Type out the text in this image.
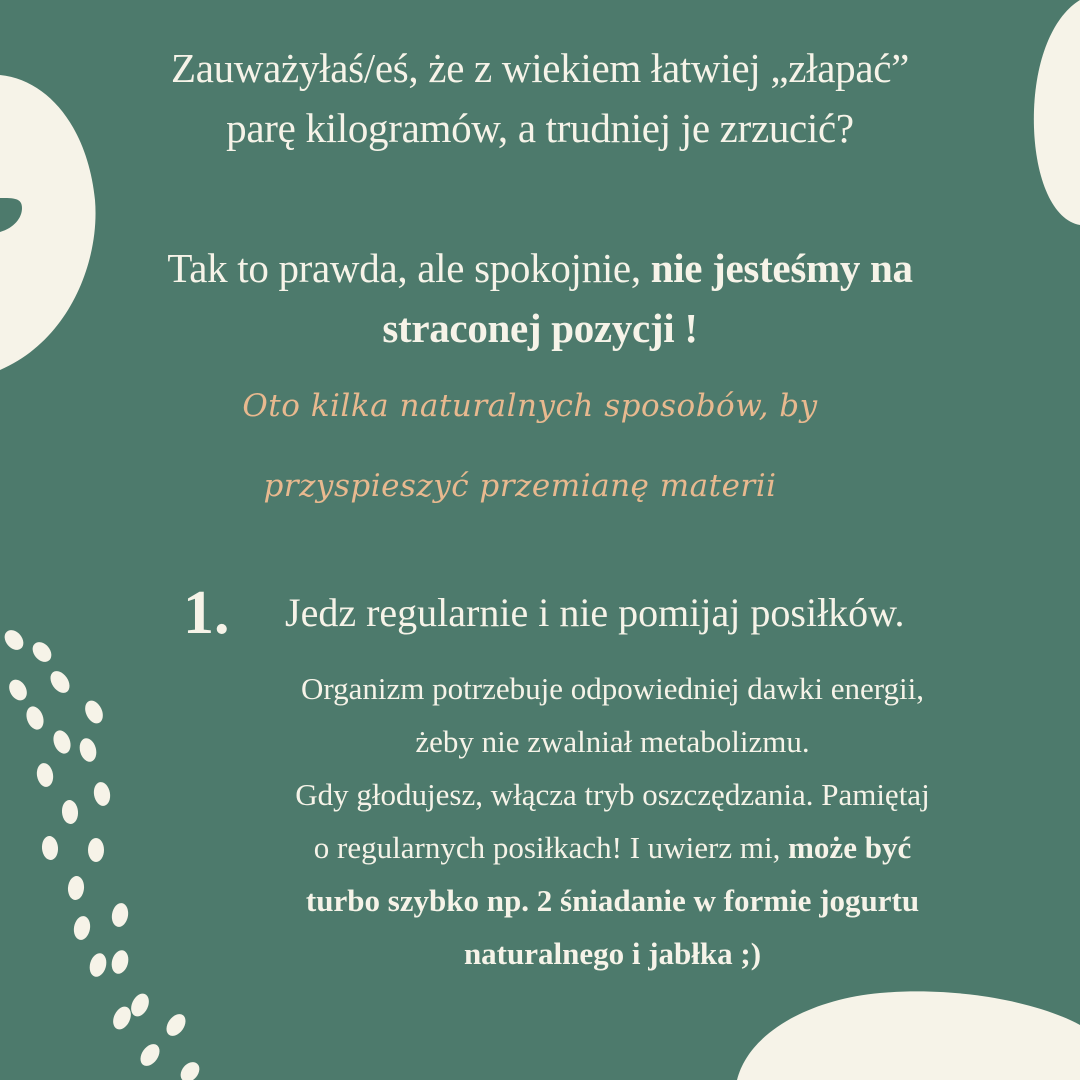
Zauważyłaś/eś, że z wiekiem łatwiej „złapać”
parę kilogramów, a trudniej je zrzucić?
Tak to prawda, ale spokojnie, nie jesteśmy na
straconej pozycji !
Oto kilka naturalnych sposobów, by
przyspieszyć przemianę materii
1. Jedz regularnie i nie pomijaj posiłków.
Organizm potrzebuje odpowiedniej dawki energii,
żeby nie zwalniał metabolizmu.
Gdy głodujesz, włącza tryb oszczędzania. Pamiętaj
o regularnych posiłkach! I uwierz mi, może być
turbo szybko np. 2 śniadanie w formie jogurtu
naturalnego i jabłka ;)
